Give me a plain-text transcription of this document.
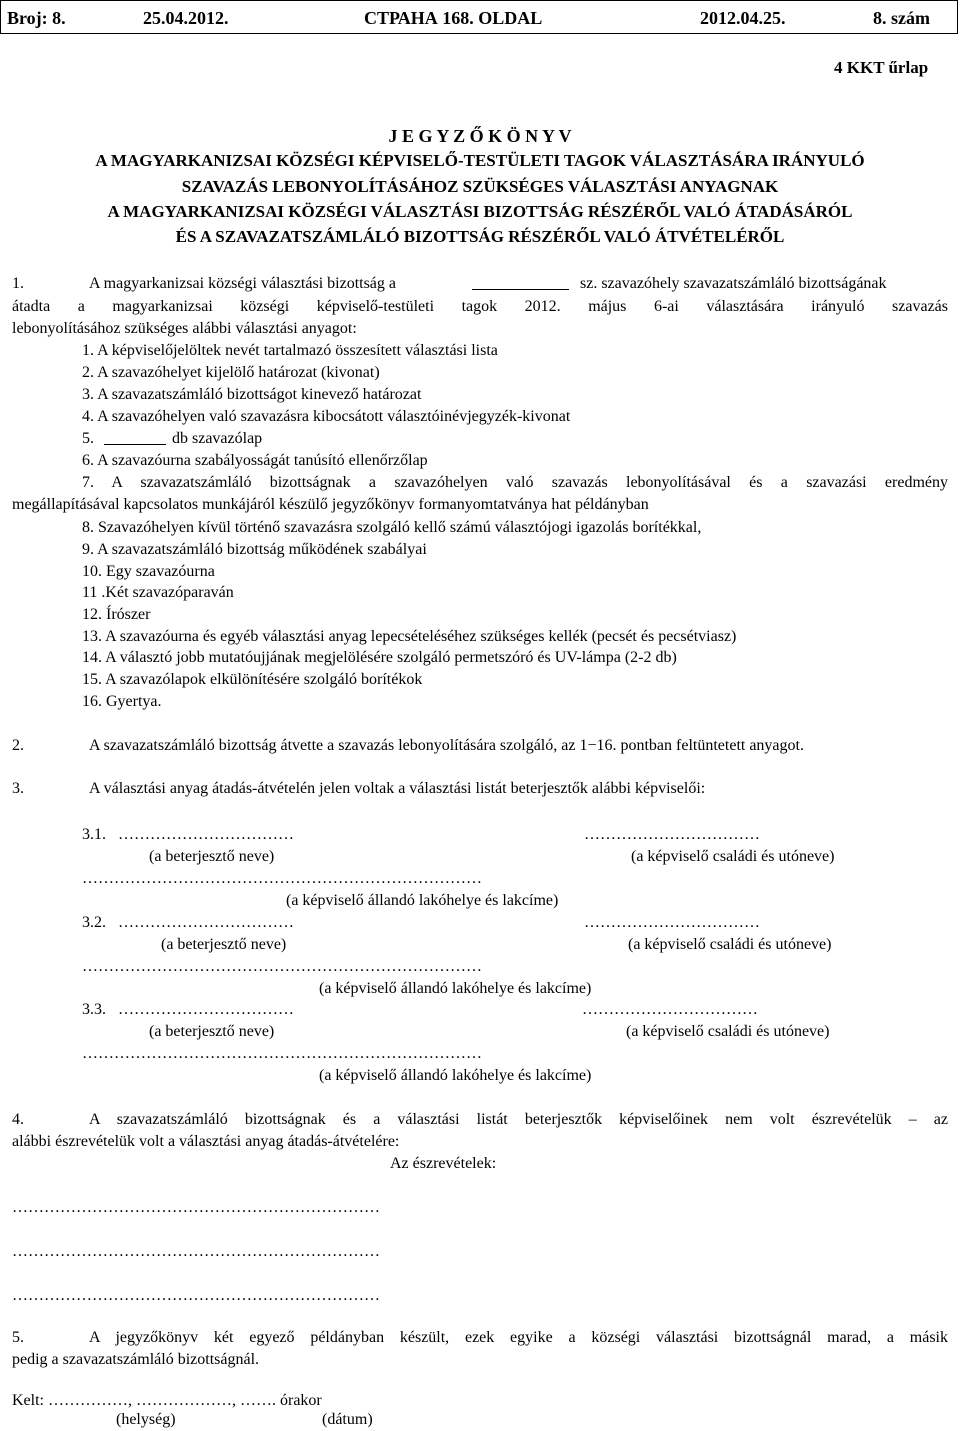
Broj: 8.	25.04.2012.	СТРАНА 168. OLDAL	2012.04.25.	8. szám
4 KKT űrlap
J E G Y Z Ő K Ö N Y V
A MAGYARKANIZSAI KÖZSÉGI KÉPVISELŐ-TESTÜLETI TAGOK VÁLASZTÁSÁRA IRÁNYULÓ
SZAVAZÁS LEBONYOLÍTÁSÁHOZ SZÜKSÉGES VÁLASZTÁSI ANYAGNAK
A MAGYARKANIZSAI KÖZSÉGI VÁLASZTÁSI BIZOTTSÁG RÉSZÉRŐL VALÓ ÁTADÁSÁRÓL
ÉS A SZAVAZATSZÁMLÁLÓ BIZOTTSÁG RÉSZÉRŐL VALÓ ÁTVÉTELÉRŐL
1.	A magyarkanizsai községi választási bizottság a	sz. szavazóhely szavazatszámláló bizottságának
átadta a magyarkanizsai községi képviselő-testületi tagok 2012. május 6-ai választására irányuló szavazás
lebonyolításához szükséges alábbi választási anyagot:
1. A képviselőjelöltek nevét tartalmazó összesített választási lista
2. A szavazóhelyet kijelölő határozat (kivonat)
3. A szavazatszámláló bizottságot kinevező határozat
4. A szavazóhelyen való szavazásra kibocsátott választóinévjegyzék-kivonat
5.	db szavazólap
6. A szavazóurna szabályosságát tanúsító ellenőrzőlap
7. A szavazatszámláló bizottságnak a szavazóhelyen való szavazás lebonyolításával és a szavazási eredmény
megállapításával kapcsolatos munkájáról készülő jegyzőkönyv formanyomtatványa hat példányban
8. Szavazóhelyen kívül történő szavazásra szolgáló kellő számú választójogi igazolás borítékkal,
9. A szavazatszámláló bizottság működének szabályai
10. Egy szavazóurna
11 .Két szavazóparaván
12. Írószer
13. A szavazóurna és egyéb választási anyag lepecsételéséhez szükséges kellék (pecsét és pecsétviasz)
14. A választó jobb mutatóujjának megjelölésére szolgáló permetszóró és UV-lámpa (2-2 db)
15. A szavazólapok elkülönítésére szolgáló borítékok
16. Gyertya.
2.	A szavazatszámláló bizottság átvette a szavazás lebonyolítására szolgáló, az 1−16. pontban feltüntetett anyagot.
3.	A választási anyag átadás-átvételén jelen voltak a választási listát beterjesztők alábbi képviselői:
3.1. ……………………………	……………………………
(a beterjesztő neve)	(a képviselő családi és utóneve)
…………………………………………………………………
(a képviselő állandó lakóhelye és lakcíme)
3.2. ……………………………	……………………………
(a beterjesztő neve)	(a képviselő családi és utóneve)
…………………………………………………………………
(a képviselő állandó lakóhelye és lakcíme)
3.3. ……………………………	……………………………
(a beterjesztő neve)	(a képviselő családi és utóneve)
…………………………………………………………………
(a képviselő állandó lakóhelye és lakcíme)
4.	A szavazatszámláló bizottságnak és a választási listát beterjesztők képviselőinek nem volt észrevételük – az
alábbi észrevételük volt a választási anyag átadás-átvételére:
Az észrevételek:
……………………………………………………………
……………………………………………………………
……………………………………………………………
5.	A jegyzőkönyv két egyező példányban készült, ezek egyike a községi választási bizottságnál marad, a másik
pedig a szavazatszámláló bizottságnál.
Kelt: ……………, ………………, ……. órakor
(helység)	(dátum)
